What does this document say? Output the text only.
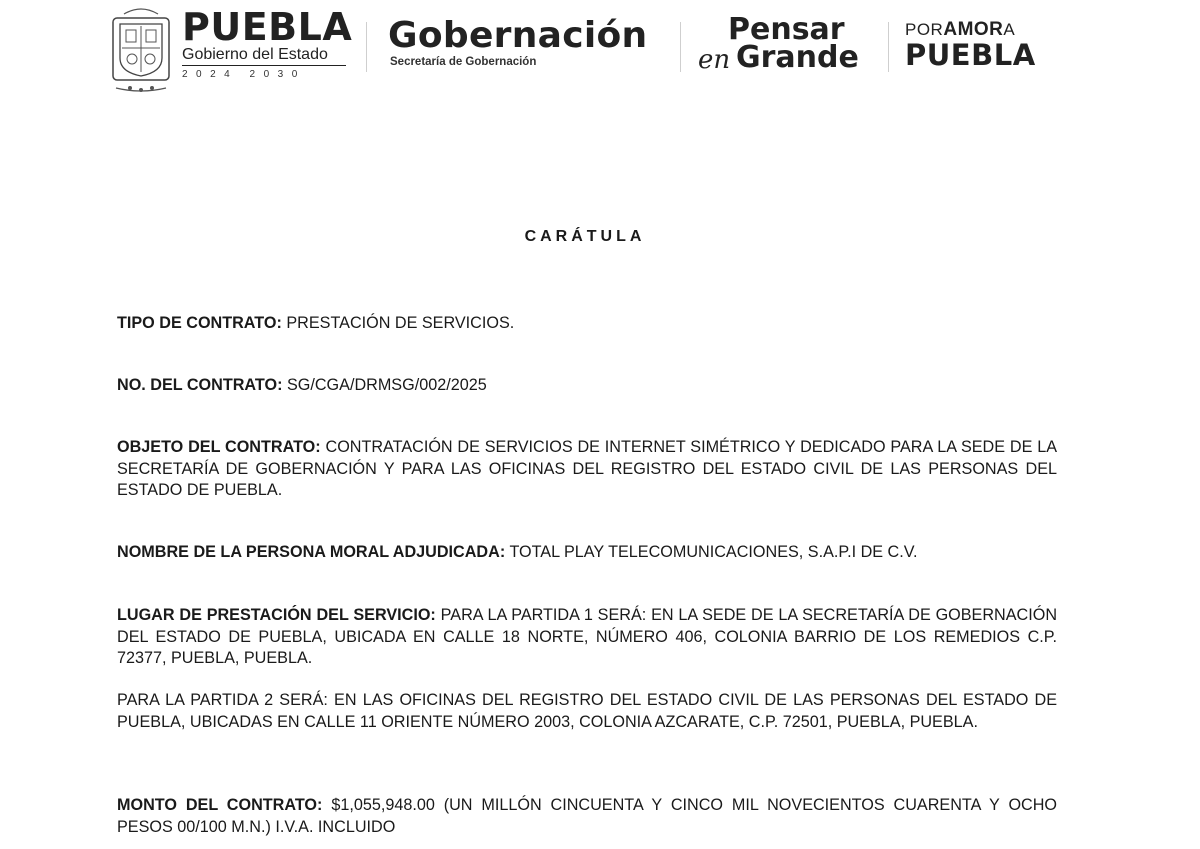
PUEBLA
Gobierno del Estado
2024 2030
Gobernación
Secretaría de Gobernación
Pensar
en Grande
PORAMORA
PUEBLA
CARÁTULA
TIPO DE CONTRATO: PRESTACIÓN DE SERVICIOS.
NO. DEL CONTRATO: SG/CGA/DRMSG/002/2025
OBJETO DEL CONTRATO: CONTRATACIÓN DE SERVICIOS DE INTERNET SIMÉTRICO Y DEDICADO PARA LA SEDE DE LA SECRETARÍA DE GOBERNACIÓN Y PARA LAS OFICINAS DEL REGISTRO DEL ESTADO CIVIL DE LAS PERSONAS DEL ESTADO DE PUEBLA.
NOMBRE DE LA PERSONA MORAL ADJUDICADA: TOTAL PLAY TELECOMUNICACIONES, S.A.P.I DE C.V.
LUGAR DE PRESTACIÓN DEL SERVICIO: PARA LA PARTIDA 1 SERÁ: EN LA SEDE DE LA SECRETARÍA DE GOBERNACIÓN DEL ESTADO DE PUEBLA, UBICADA EN CALLE 18 NORTE, NÚMERO 406, COLONIA BARRIO DE LOS REMEDIOS C.P. 72377, PUEBLA, PUEBLA.
PARA LA PARTIDA 2 SERÁ: EN LAS OFICINAS DEL REGISTRO DEL ESTADO CIVIL DE LAS PERSONAS DEL ESTADO DE PUEBLA, UBICADAS EN CALLE 11 ORIENTE NÚMERO 2003, COLONIA AZCARATE, C.P. 72501, PUEBLA, PUEBLA.
MONTO DEL CONTRATO: $1,055,948.00 (UN MILLÓN CINCUENTA Y CINCO MIL NOVECIENTOS CUARENTA Y OCHO PESOS 00/100 M.N.) I.V.A. INCLUIDO
